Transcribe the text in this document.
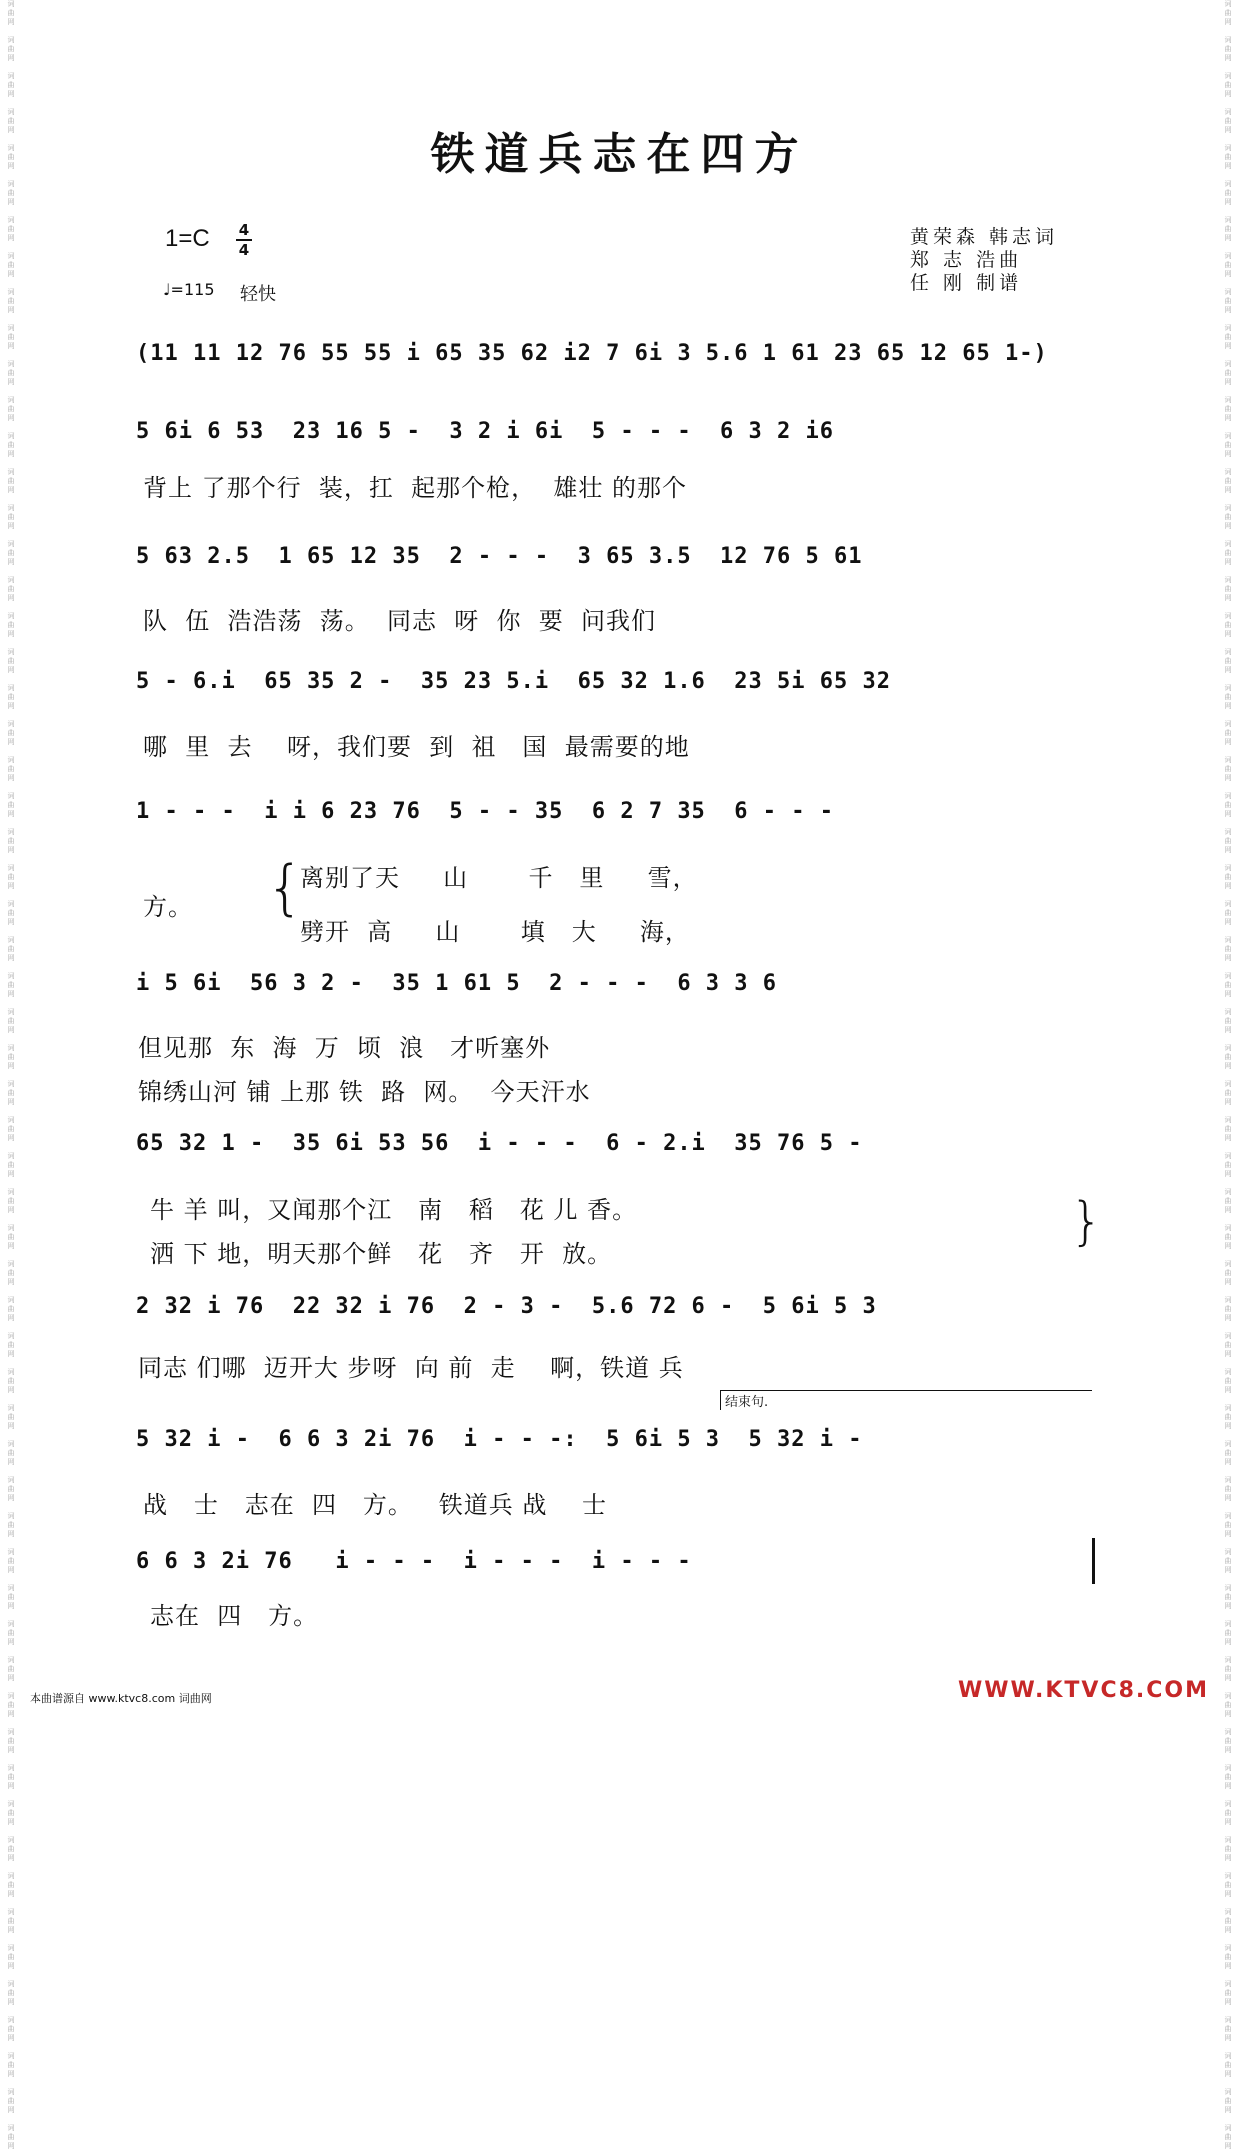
词
曲
网

词
曲
网

词
曲
网

词
曲
网

词
曲
网

词
曲
网

词
曲
网

词
曲
网

词
曲
网

词
曲
网

词
曲
网

词
曲
网

词
曲
网

词
曲
网

词
曲
网

词
曲
网

词
曲
网

词
曲
网

词
曲
网

词
曲
网

词
曲
网

词
曲
网

词
曲
网

词
曲
网

词
曲
网

词
曲
网

词
曲
网

词
曲
网

词
曲
网

词
曲
网

词
曲
网

词
曲
网

词
曲
网

词
曲
网

词
曲
网

词
曲
网

词
曲
网

词
曲
网

词
曲
网

词
曲
网

词
曲
网

词
曲
网

词
曲
网

词
曲
网

词
曲
网

词
曲
网

词
曲
网

词
曲
网

词
曲
网

词
曲
网

词
曲
网

词
曲
网

词
曲
网

词
曲
网

词
曲
网

词
曲
网

词
曲
网

词
曲
网

词
曲
网

词
曲
网

词
曲
网

词
曲
网

词
曲
网

词
曲
网

词
曲
网

词
曲
网

词
曲
网

词
曲
网

词
曲
网

词
曲
网

词
曲
网

词
曲
网

词
曲
网

词
曲
网

词
曲
网

词
曲
网

词
曲
网

词
曲
网

词
曲
网

词
曲
网

词
曲
网

词
曲
网

词
曲
网

词
曲
网

词
曲
网

词
曲
网

词
曲
网

词
曲
网

词
曲
网

词
曲
网

词
曲
网

词
曲
网

词
曲
网

词
曲
网

词
曲
网

词
曲
网

词
曲
网

词
曲
网

词
曲
网

词
曲
网

词
曲
网

词
曲
网

词
曲
网

词
曲
网

词
曲
网

词
曲
网

词
曲
网

词
曲
网

词
曲
网

词
曲
网

词
曲
网

词
曲
网

词
曲
网

词
曲
网

词
曲
网

词
曲
网

词
曲
网

词
曲
网

词
曲
网

词
曲
网

铁道兵志在四方
1=C 4
4
♩=115 轻快
黄荣森 韩志词
郑 志 浩曲
任 刚 制谱
(11 11 12 76 55 55 i 65 35 62 i2 7 6i 3 5.6 1 61 23 65 12 65 1-)
5 6i 6 53  23 16 5 -  3 2 i 6i  5 - - -  6 3 2 i6
背上 了那个行  装，扛  起那个枪，  雄壮 的那个
5 63 2.5  1 65 12 35  2 - - -  3 65 3.5  12 76 5 61
队  伍  浩浩荡  荡。  同志  呀  你  要  问我们
5 - 6.i  65 35 2 -  35 23 5.i  65 32 1.6  23 5i 65 32
哪  里  去    呀，我们要  到  祖   国  最需要的地
1 - - -  i i 6 23 76  5 - - 35  6 2 7 35  6 - - -
方。 {
离别了天     山       千   里     雪，
劈开  高     山       填   大     海，
i 5 6i  56 3 2 -  35 1 61 5  2 - - -  6 3 3 6
但见那  东  海  万  顷  浪   才听塞外
锦绣山河 铺 上那 铁  路  网。  今天汗水
65 32 1 -  35 6i 53 56  i - - -  6 - 2.i  35 76 5 -
牛 羊 叫，又闻那个江   南   稻   花 儿 香。
洒 下 地，明天那个鲜   花   齐   开  放。
}
2 32 i 76  22 32 i 76  2 - 3 -  5.6 72 6 -  5 6i 5 3
同志 们哪  迈开大 步呀  向 前  走    啊，铁道 兵
结束句.
5 32 i -  6 6 3 2i 76  i - - -:  5 6i 5 3  5 32 i -
战   士   志在  四   方。   铁道兵 战    士
6 6 3 2i 76   i - - -  i - - -  i - - -
志在  四   方。
本曲谱源自 www.ktvc8.com 词曲网	WWW.KTVC8.COM
